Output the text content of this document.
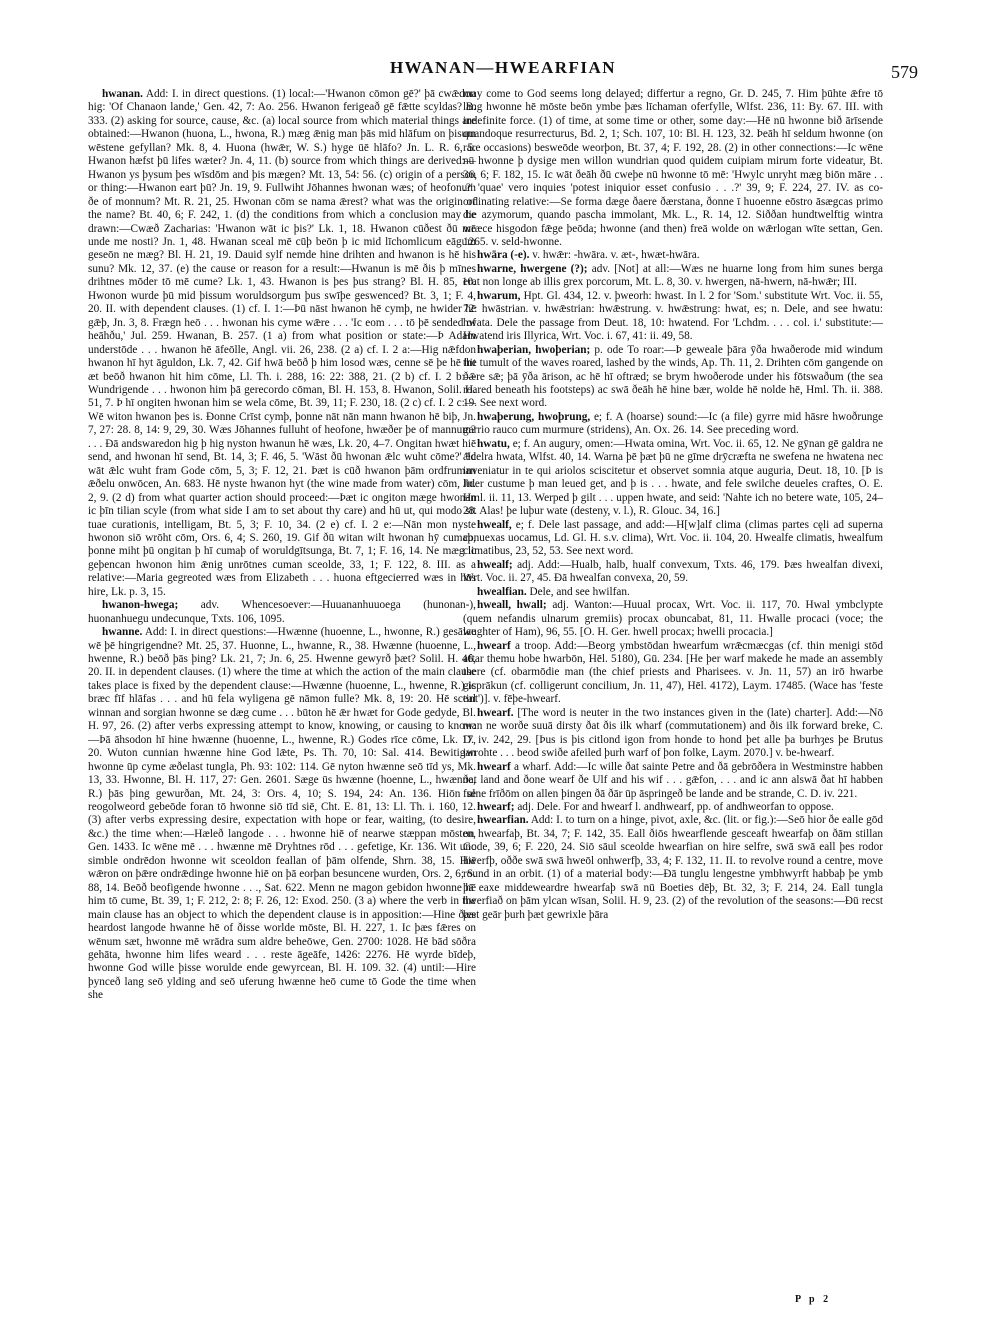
HWANAN—HWEARFIAN	579

hwanan. Add: I. in direct questions. (1) local:—'Hwanon cōmon gē?' þā cwǣdon hig: 'Of Chanaon lande,' Gen. 42, 7: Ao. 256. Hwanon ferigeað gē fǣtte scyldas? B. 333. (2) asking for source, cause, &c. (a) local source from which material things are obtained:—Hwanon (huona, L., hwona, R.) mæg ǣnig man þās mid hlāfum on þisum wēstene gefyllan? Mk. 8, 4. Huona (hwǣr, W. S.) hyge ūē hlāfo? Jn. L. R. 6, 5. Hwanon hæfst þū lifes wæter? Jn. 4, 11. (b) source from which things are derived:—Hwanon ys þysum þes wīsdōm and þis mægen? Mt. 13, 54: 56. (c) origin of a person or thing:—Hwanon eart þū? Jn. 19, 9. Fullwiht Jōhannes hwonan wæs; of heofonum ðe of monnum? Mt. R. 21, 25. Hwonan cōm se nama ǣrest? what was the origin of the name? Bt. 40, 6; F. 242, 1. (d) the conditions from which a conclusion may be drawn:—Cwæð Zacharias: 'Hwanon wāt ic þis?' Lk. 1, 18. Hwanon cūðest ðū mē unde me nosti? Jn. 1, 48. Hwanan sceal mē cūþ beōn þ ic mid līchomlicum eāgum geseōn ne mæg? Bl. H. 21, 19. Dauid sylf nemde hine drihten and hwanon is hē his sunu? Mk. 12, 37. (e) the cause or reason for a result:—Hwanun is mē ðis þ mīnes drihtnes mōder tō mē cume? Lk. 1, 43. Hwanon is þes þus strang? Bl. H. 85, 10. Hwonon wurde þū mid þissum woruldsorgum þus swīþe geswenced? Bt. 3, 1; F. 4, 20. II. with dependent clauses. (1) cf. I. 1:—Þū nāst hwanon hē cymþ, ne hwider hē gǣþ, Jn. 3, 8. Frægn heō . . . hwonan his cyme wǣre . . . 'Ic eom . . . tō þē sended of heāhðu,' Jul. 259. Hwanan, B. 257. (1 a) from what position or state:—Þ Adam understōde . . . hwanon hē āfeōlle, Angl. vii. 26, 238. (2 a) cf. I. 2 a:—Hig nǣfdon hwanon hī hyt āguldon, Lk. 7, 42. Gif hwā beōð þ him losod wæs, cenne sē þe hē hit æt beōð hwanon hit him cōme, Ll. Th. i. 288, 16: 22: 388, 21. (2 b) cf. I. 2 b:—Wundrigende . . . hwonon him þā gerecordo cōman, Bl. H. 153, 8. Hwanon, Solil. H. 51, 7. Þ hī ongiten hwonan him se wela cōme, Bt. 39, 11; F. 230, 18. (2 c) cf. I. 2 c:—Wē witon hwanon þes is. Ðonne Crīst cymþ, þonne nāt nān mann hwanon hē biþ, Jn. 7, 27: 28. 8, 14: 9, 29, 30. Wæs Jōhannes fulluht of heofone, hwæðer þe of mannum? . . . Ðā andswaredon hig þ hig nyston hwanun hē wæs, Lk. 20, 4–7. Ongitan hwæt hiē send, and hwonan hī send, Bt. 14, 3; F. 46, 5. 'Wāst ðū hwonan ǣlc wuht cōme?' 'Ic wāt ǣlc wuht fram Gode cōm, 5, 3; F. 12, 21. Þæt is cūð hwanon þām ordfruman ǣðelu onwōcen, An. 683. Hē nyste hwanon hyt (the wine made from water) cōm, Jn. 2, 9. (2 d) from what quarter action should proceed:—Þæt ic ongiton mæge hwonan ic þīn tilian scyle (from what side I am to set about thy care) and hū ut, qui modo sit tuae curationis, intelligam, Bt. 5, 3; F. 10, 34. (2 e) cf. I. 2 e:—Nān mon nyste hwonon siō wrōht cōm, Ors. 6, 4; S. 260, 19. Gif ðū witan wilt hwonan hȳ cumaþ, þonne miht þū ongitan þ hī cumaþ of woruldgītsunga, Bt. 7, 1; F. 16, 14. Ne mæg ic geþencan hwonon him ǣnig unrōtnes cuman sceolde, 33, 1; F. 122, 8. III. as a relative:—Maria gegreoted wæs from Elizabeth . . . huona eftgecierred wæs in hūs hire, Lk. p. 3, 15.

hwanon-hwega; adv. Whencesoever:—Huuananhuuoega (hunonan-), huonanhuegu undecunque, Txts. 106, 1095.

hwanne. Add: I. in direct questions:—Hwænne (huoenne, L., hwonne, R.) gesāwe wē þē hingrigendne? Mt. 25, 37. Huonne, L., hwanne, R., 38. Hwænne (huoenne, L., hwenne, R.) beōð þās þing? Lk. 21, 7; Jn. 6, 25. Hwenne gewyrð þæt? Solil. H. 46, 20. II. in dependent clauses. (1) where the time at which the action of the main clause takes place is fixed by the dependent clause:—Hwænne (huoenne, L., hwenne, R.) ic bræc fīf hlāfas . . . and hū fela wyligena gē nāmon fulle? Mk. 8, 19: 20. Hē sceal winnan and sorgian hwonne se dæg cume . . . būton hē ǣr hwæt for Gode gedyde, Bl. H. 97, 26. (2) after verbs expressing attempt to know, knowing, or causing to know:—Þā āhsodon hī hine hwænne (huoenne, L., hwenne, R.) Godes rīce cōme, Lk. 17, 20. Wuton cunnian hwænne hine God lǣte, Ps. Th. 70, 10: Sal. 414. Bewitigan hwonne ūp cyme æðelast tungla, Ph. 93: 102: 114. Gē nyton hwænne seō tīd ys, Mk. 13, 33. Hwonne, Bl. H. 117, 27: Gen. 2601. Sæge ūs hwænne (hoenne, L., hwænne, R.) þās þing gewurðan, Mt. 24, 3: Ors. 4, 10; S. 194, 24: An. 136. Hiōn se reogolweord gebeōde foran tō hwonne siō tīd siē, Cht. E. 81, 13: Ll. Th. i. 160, 12. (3) after verbs expressing desire, expectation with hope or fear, waiting, (to desire, &c.) the time when:—Hæleð langode . . . hwonne hiē of nearwe stæppan mōsten, Gen. 1433. Ic wēne mē . . . hwænne mē Dryhtnes rōd . . . gefetige, Kr. 136. Wit unc simble ondrēdon hwonne wit sceoldon feallan of þām olfende, Shrn. 38, 15. Hiē wǣron on þǣre ondrǣdinge hwonne hiē on þā eorþan besuncene wurden, Ors. 2, 6; S. 88, 14. Beōð beofigende hwonne . . ., Sat. 622. Menn ne magon gebidon hwonne hē him tō cume, Bt. 39, 1; F. 212, 2: 8; F. 26, 12: Exod. 250. (3 a) where the verb in the main clause has an object to which the dependent clause is in apposition:—Hine ðæs heardost langode hwanne hē of ðisse worlde mōste, Bl. H. 227, 1. Ic þæs fǣres on wēnum sæt, hwonne mē wrādra sum aldre beheōwe, Gen. 2700: 1028. Hē bād sōðra gehāta, hwonne him lifes weard . . . reste āgeāfe, 1426: 2276. Hē wyrde bīdeþ, hwonne God wille þisse worulde ende gewyrcean, Bl. H. 109. 32. (4) until:—Hire þynceð lang seō ylding and seō uferung hwænne heō cume tō Gode the time when she

may come to God seems long delayed; differtur a regno, Gr. D. 245, 7. Him þūhte ǣfre tō lang hwonne hē mōste beōn ymbe þæs līchaman oferfylle, Wlfst. 236, 11: By. 67. III. with indefinite force. (1) of time, at some time or other, some day:—Hē nū hwonne bið ārīsende quandoque resurrecturus, Bd. 2, 1; Sch. 107, 10: Bl. H. 123, 32. Þeāh hī seldum hwonne (on rare occasions) besweōde weorþon, Bt. 37, 4; F. 192, 28. (2) in other connections:—Ic wēne nū hwonne þ dysige men willon wundrian quod quidem cuipiam mirum forte videatur, Bt. 36, 6; F. 182, 15. Ic wāt ðeāh ðū cweþe nū hwonne tō mē: 'Hwylc unryht mæg biōn māre . . .?' 'quae' vero inquies 'potest iniquior esset confusio . . .?' 39, 9; F. 224, 27. IV. as co-ordinating relative:—Se forma dæge ðaere ðærstana, ðonne ī huoenne eōstro āsægcas primo die azymorum, quando pascha immolant, Mk. L., R. 14, 12. Siððan hundtwelftig wintra wræce hisgodon fǣge þeōda; hwonne (and then) freā wolde on wǣrlogan wīte settan, Gen. 1265. v. seld-hwonne.

hwāra (-e). v. hwǣr: -hwāra. v. æt-, hwæt-hwāra.

hwarne, hwergene (?); adv. [Not] at all:—Wæs ne huarne long from him sunes berga erat non longe ab illis grex porcorum, Mt. L. 8, 30. v. hwergen, nā-hwern, nā-hwǣr; III.

hwarum, Hpt. Gl. 434, 12. v. þweorh: hwast. In l. 2 for 'Som.' substitute Wrt. Voc. ii. 55, 72: hwāstrian. v. hwǣstrian: hwǣstrung. v. hwǣstrung: hwat, es; n. Dele, and see hwatu: hwata. Dele the passage from Deut. 18, 10: hwatend. For 'Lchdm. . . . col. i.' substitute:—Hwatend iris Illyrica, Wrt. Voc. i. 67, 41: ii. 49, 58.

hwaþerian, hwoþerian; p. ode To roar:—Þ geweale þāra ȳða hwaðerode mid windum the tumult of the waves roared, lashed by the winds, Ap. Th. 11, 2. Drihten cōm gangende on ðǣre sǣ; þā ȳða ārison, ac hē hī oftræd; se brym hwoðerode under his fōtswaðum (the sea roared beneath his footsteps) ac swā ðeāh hē hine bær, wolde hē nolde hē, Hml. Th. ii. 388. 19. See next word.

hwaþerung, hwoþrung, e; f. A (hoarse) sound:—Ic (a file) gyrre mid hāsre hwoðrunge garrio rauco cum murmure (stridens), An. Ox. 26. 14. See preceding word.

hwatu, e; f. An augury, omen:—Hwata omina, Wrt. Voc. ii. 65, 12. Ne gȳnan gē galdra ne ǣdelra hwata, Wlfst. 40, 14. Warna þē þæt þū ne gīme drȳcræfta ne swefena ne hwatena nec inveniatur in te qui ariolos sciscitetur et observet somnia atque auguria, Deut. 18, 10. [Þ is lider custume þ man leued get, and þ is . . . hwate, and fele swilche deueles craftes, O. E. Hml. ii. 11, 13. Werped þ gilt . . . uppen hwate, and seid: 'Nahte ich no betere wate, 105, 24–28. Alas! þe luþur wate (destenу, v. l.), R. Glouc. 34, 16.]

hwealf, e; f. Dele last passage, and add:—H[w]alf clima (climas partes cęli ad superna conuexas uocamus, Ld. Gl. H. s.v. clima), Wrt. Voc. ii. 104, 20. Hwealfe climatis, hwealfum climatibus, 23, 52, 53. See next word.

hwealf; adj. Add:—Hualb, halb, hualf convexum, Txts. 46, 179. Þæs hwealfan divexi, Wrt. Voc. ii. 27, 45. Ðā hwealfan convexa, 20, 59.

hwealfian. Dele, and see hwilfan.

hweall, hwall; adj. Wanton:—Huual procax, Wrt. Voc. ii. 117, 70. Hwal ymbclypte (quem nefandis ulnarum gremiis) procax obuncabat, 81, 11. Hwalle procaci (voce; the laughter of Ham), 96, 55. [O. H. Ger. hwell procax; hwelli procacia.]

hwearf a troop. Add:—Beorg ymbstōdan hwearfum wrǣcmæcgas (cf. thin menigi stōd aftar themu hobe hwarbōn, Hēl. 5180), Gū. 234. [He þer warf makede he made an assembly there (cf. obarmōdie man (the chief priests and Pharisees. v. Jn. 11, 57) an irō hwarbe gisprākun (cf. colligerunt concilium, Jn. 11, 47), Hēl. 4172), Laym. 17485. (Wace has 'feste tint')]. v. fēþe-hwearf.

hwearf. [The word is neuter in the two instances given in the (late) charter]. Add:—Nō man ne worðe suuā dirsty ðat ðis ilk wharf (commutationem) and ðis ilk forward breke, C. D. iv. 242, 29. [Þus is þis citlond igon from honde to hond þet alle þa burhȝes þe Brutus iwrohte . . . beod swiðe afeiled þurh warf of þon folke, Laym. 2070.] v. be-hwearf.

hwearf a wharf. Add:—Ic wille ðat sainte Petre and ðā gebrōðera in Westminstre habben ðat land and ðone wearf ðe Ulf and his wif . . . gǣfon, . . . and ic ann alswā ðat hī habben fulne frīðōm on allen þingen ðā ðār ūp āspringeð be lande and be strande, C. D. iv. 221.

hwearf; adj. Dele. For and hwearf l. andhwearf, pp. of andhweorfan to oppose.

hwearfian. Add: I. to turn on a hinge, pivot, axle, &c. (lit. or fig.):—Seō hior ðe ealle gōd on hwearfaþ, Bt. 34, 7; F. 142, 35. Eall ðiōs hwearflende gesceaft hwearfaþ on ðām stillan Gode, 39, 6; F. 220, 24. Siō sāul sceolde hwearfian on hire selfre, swā swā eall þes rodor hwerfþ, oððe swā swā hweōl onhwerfþ, 33, 4; F. 132, 11. II. to revolve round a centre, move round in an orbit. (1) of a material body:—Ðā tunglu lengestne ymbhwyrft habbaþ þe ymb þā eaxe middeweardre hwearfaþ swā nū Boeties dēþ, Bt. 32, 3; F. 214, 24. Eall tungla hwerfiað on þām ylcan wīsan, Solil. H. 9, 23. (2) of the revolution of the seasons:—Ðū recst þæt geār þurh þæt gewrixle þāra

P p 2
